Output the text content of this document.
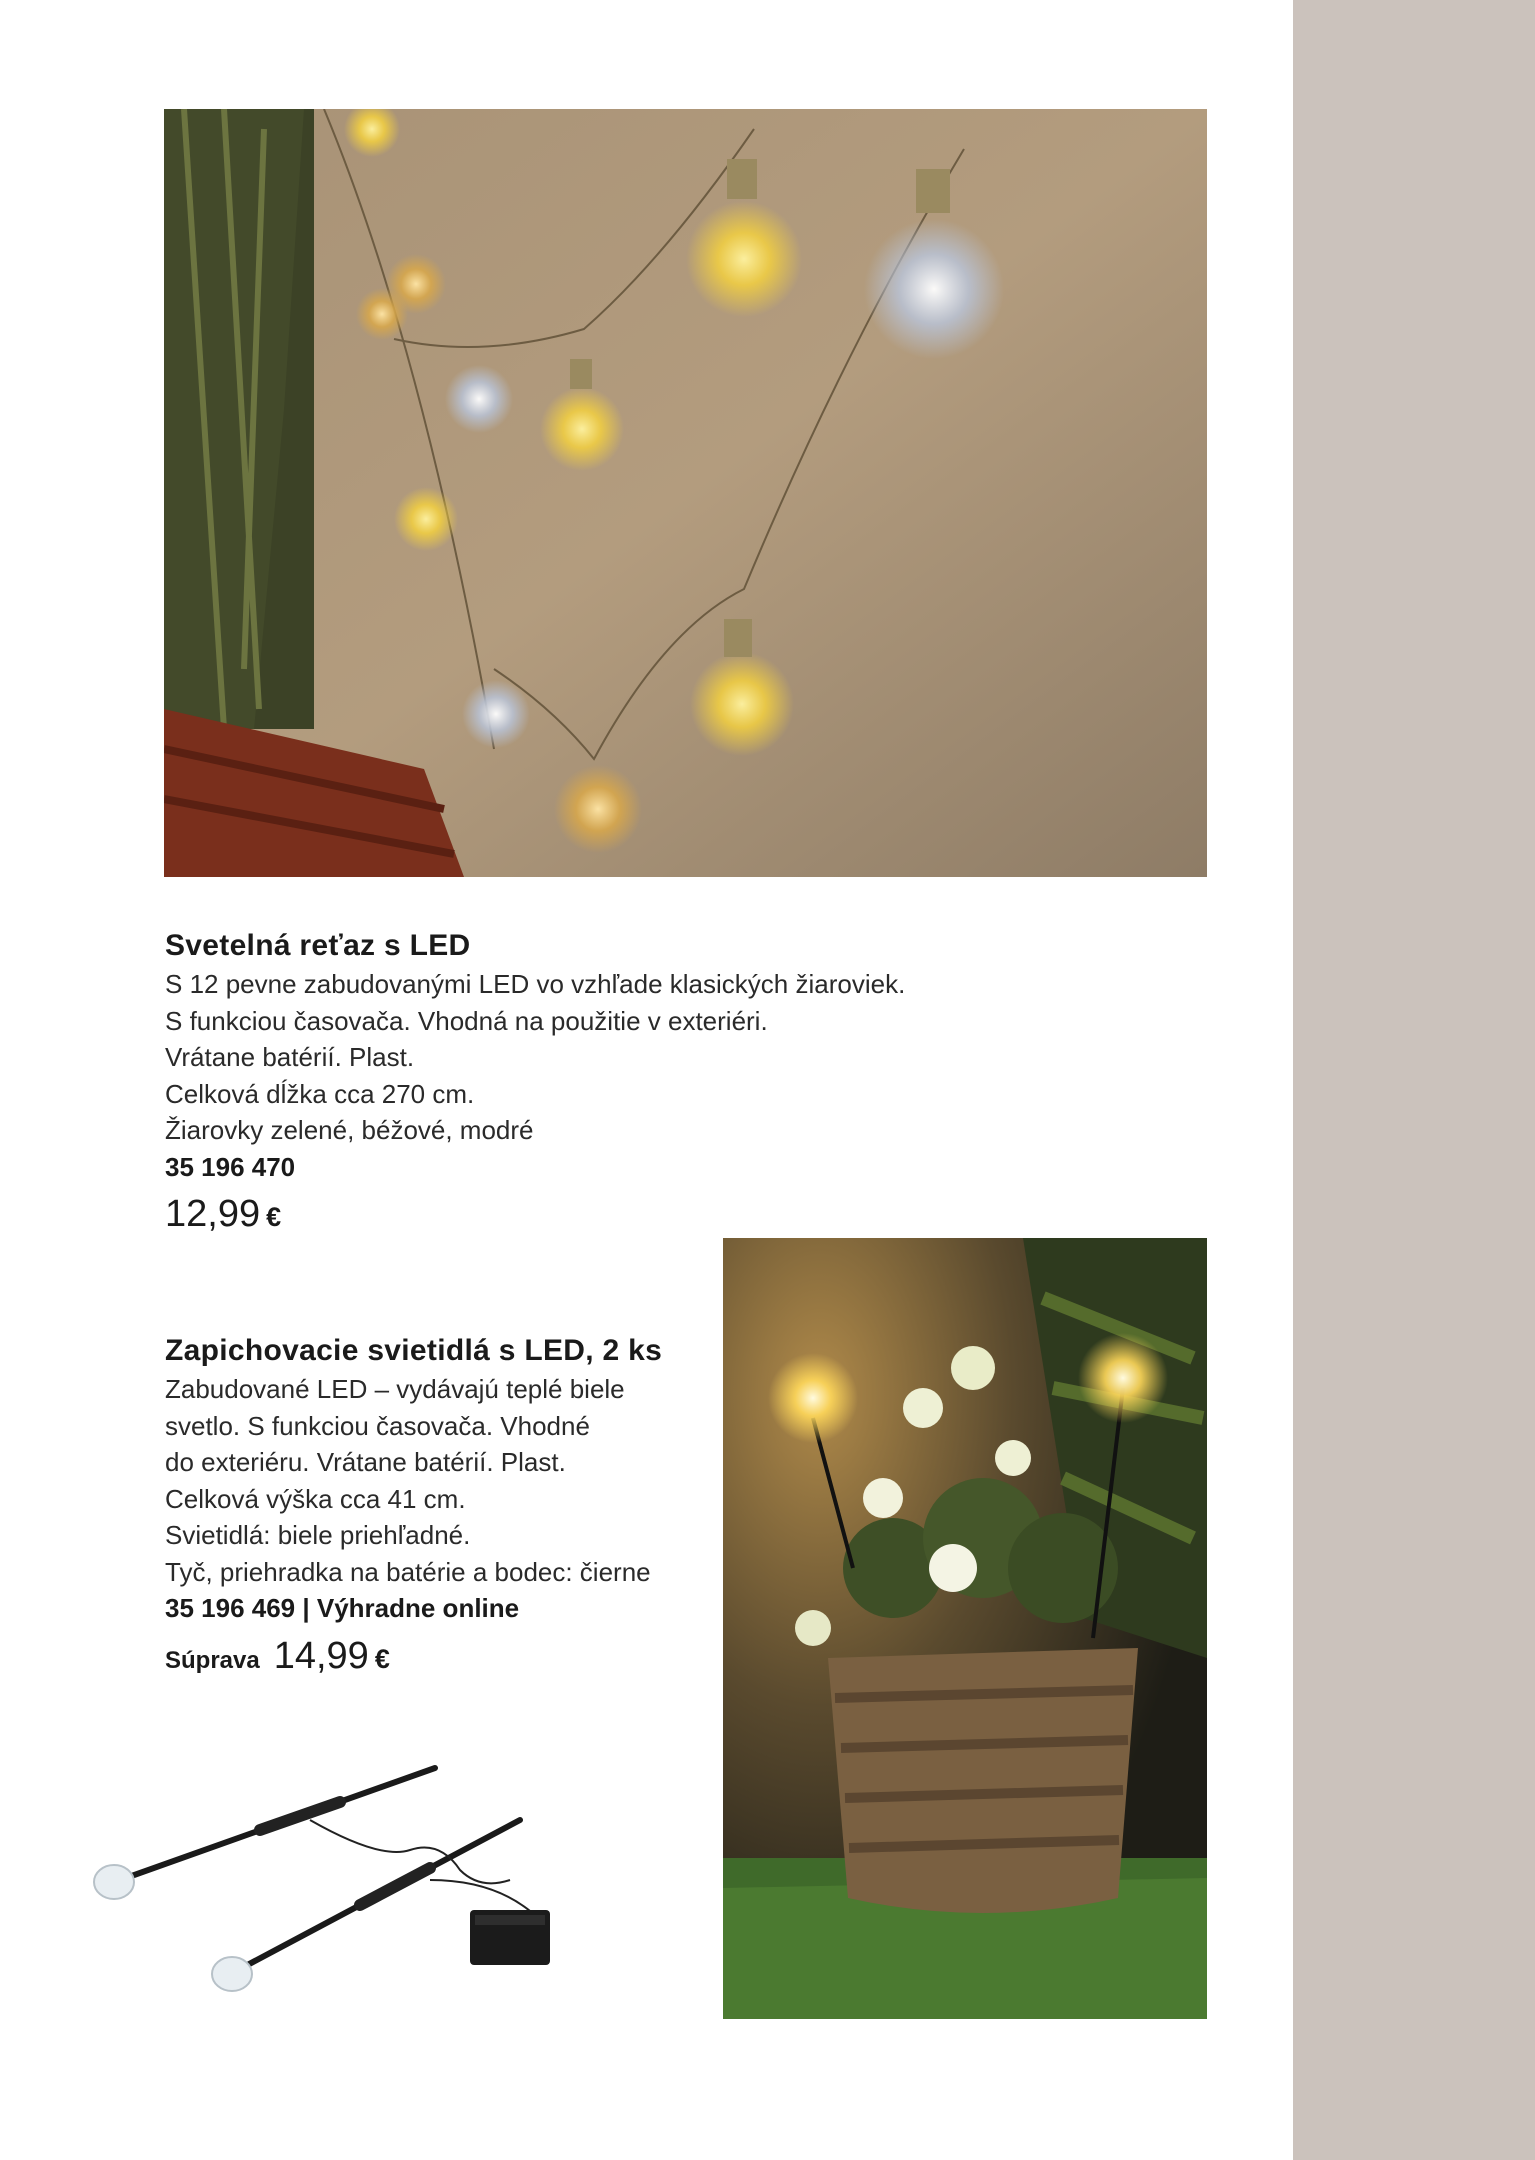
Svetelná reťaz s LED
S 12 pevne zabudovanými LED vo vzhľade klasických žiaroviek.
S funkciou časovača. Vhodná na použitie v exteriéri.
Vrátane batérií. Plast.
Celková dĺžka cca 270 cm.
Žiarovky zelené, béžové, modré
35 196 470
12,99 €
Zapichovacie svietidlá s LED, 2 ks
Zabudované LED – vydávajú teplé biele
svetlo. S funkciou časovača. Vhodné
do exteriéru. Vrátane batérií. Plast.
Celková výška cca 41 cm.
Svietidlá: biele priehľadné.
Tyč, priehradka na batérie a bodec: čierne
35 196 469 | Výhradne online
Súprava 14,99 €
